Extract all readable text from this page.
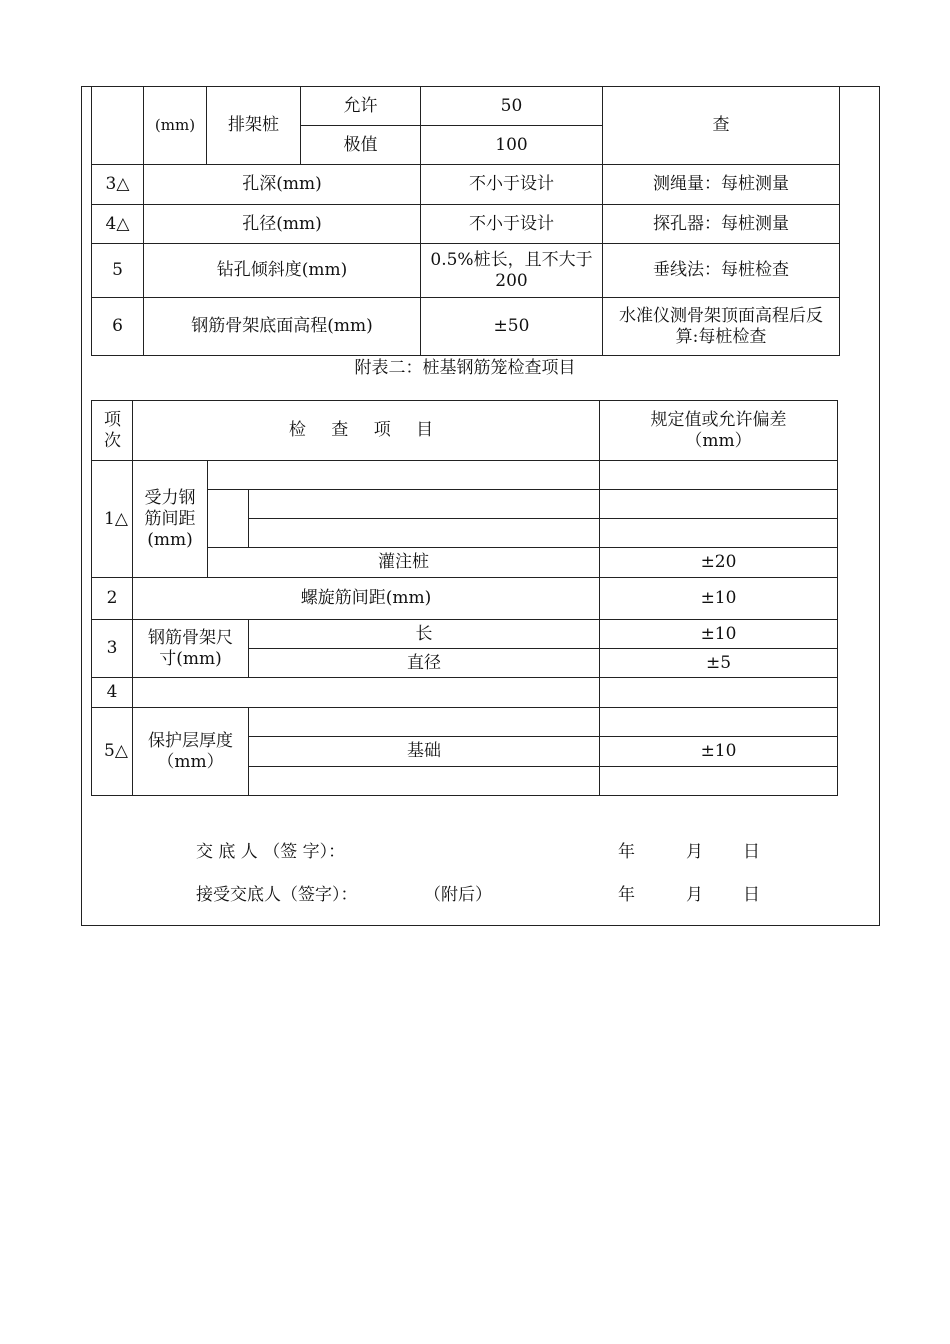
	(mm)	排架桩	允许	50	查
			极值	100	
3△	孔深(mm)			不小于设计	测绳量：每桩测量
4△	孔径(mm)			不小于设计	探孔器：每桩测量
5	钻孔倾斜度(mm)			0.5%桩长，且不大于200	垂线法：每桩检查
6	钢筋骨架底面高程(mm)			±50	水准仪测骨架顶面高程后反算:每桩检查
附表二：桩基钢筋笼检查项目
项次	检 查 项 目			规定值或允许偏差（mm）
1△	受力钢筋间距(mm)			

		灌注桩		±20
2	螺旋筋间距(mm)			±10
3	钢筋骨架尺寸(mm)		长	±10
			直径	±5
4				
5△	保护层厚度（mm）			
			基础	±10

交 底 人 （签 字）：	年	月 日
接受交底人（签字）：	（附后）	年	月 日
